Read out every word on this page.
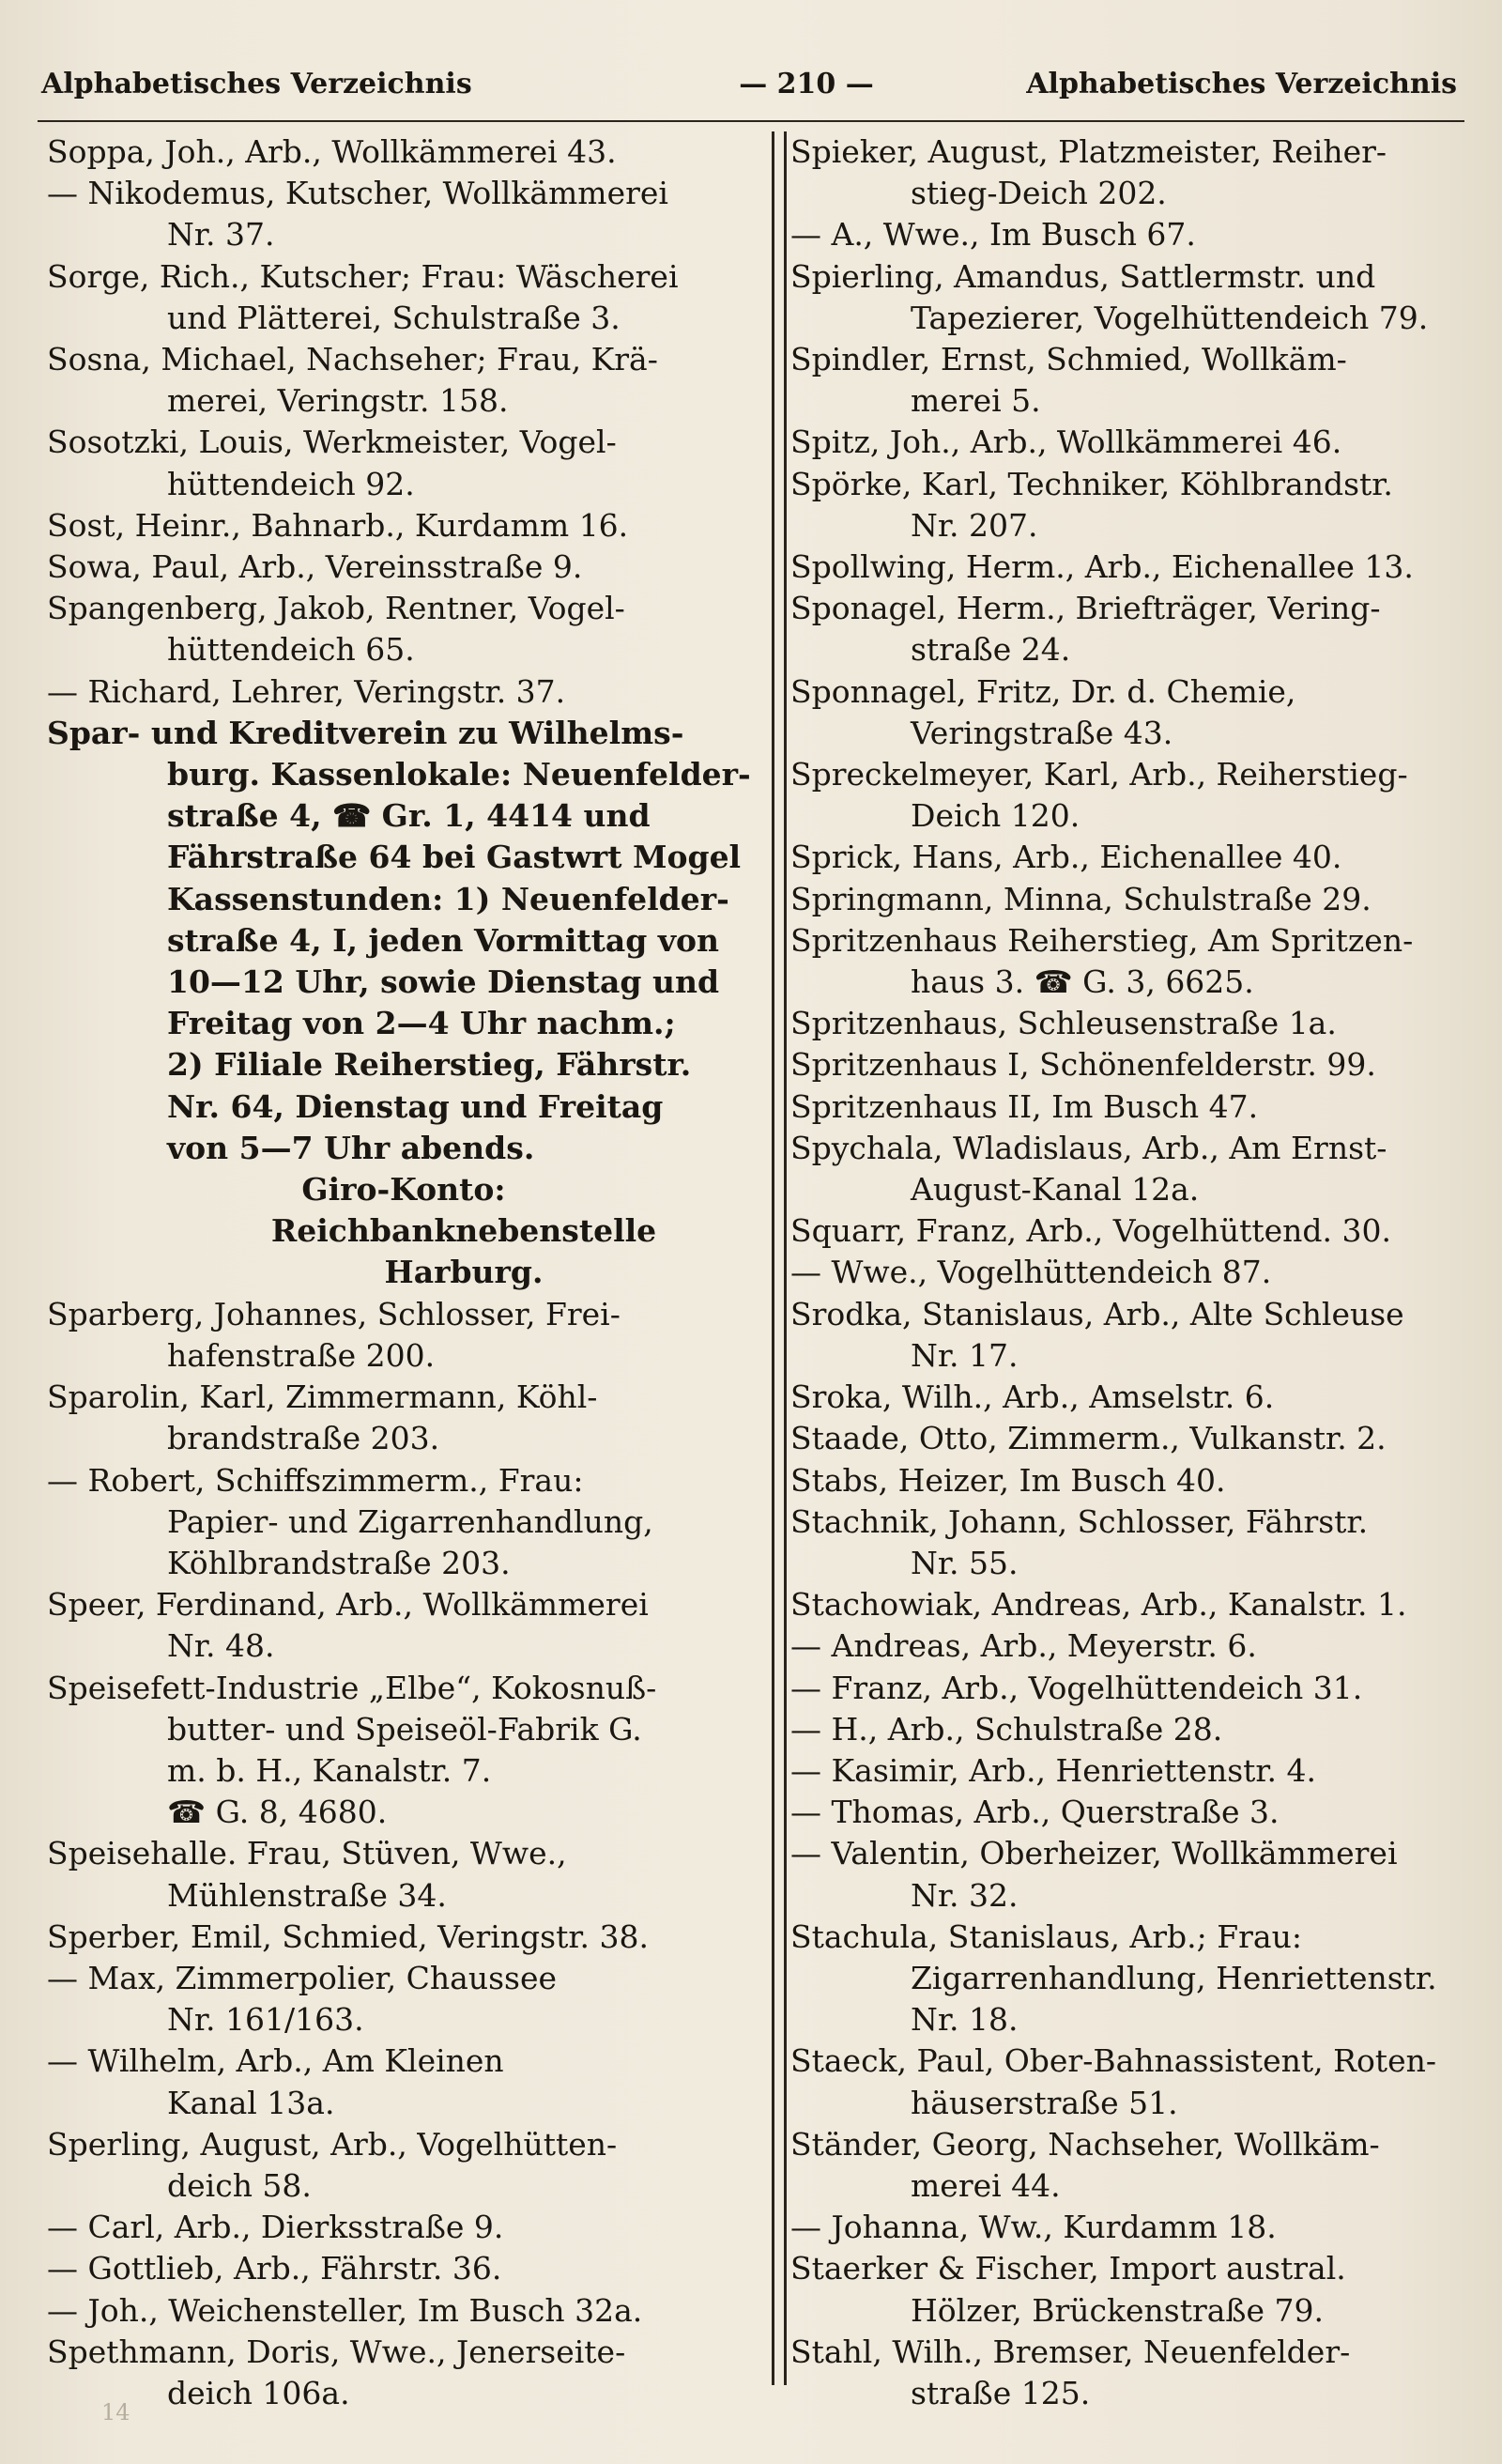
Alphabetisches Verzeichnis	— 210 —	Alphabetisches Verzeichnis
Soppa, Joh., Arb., Wollkämmerei 43.
— Nikodemus, Kutscher, Wollkämmerei
Nr. 37.
Sorge, Rich., Kutscher; Frau: Wäscherei
und Plätterei, Schulstraße 3.
Sosna, Michael, Nachseher; Frau, Krä-
merei, Veringstr. 158.
Sosotzki, Louis, Werkmeister, Vogel-
hüttendeich 92.
Sost, Heinr., Bahnarb., Kurdamm 16.
Sowa, Paul, Arb., Vereinsstraße 9.
Spangenberg, Jakob, Rentner, Vogel-
hüttendeich 65.
— Richard, Lehrer, Veringstr. 37.
Spar- und Kreditverein zu Wilhelms-
burg. Kassenlokale: Neuenfelder-
straße 4, ☎ Gr. 1, 4414 und
Fährstraße 64 bei Gastwrt Mogel
Kassenstunden: 1) Neuenfelder-
straße 4, I, jeden Vormittag von
10—12 Uhr, sowie Dienstag und
Freitag von 2—4 Uhr nachm.;
2) Filiale Reiherstieg, Fährstr.
Nr. 64, Dienstag und Freitag
von 5—7 Uhr abends.
Giro-Konto:
Reichbanknebenstelle
Harburg.
Sparberg, Johannes, Schlosser, Frei-
hafenstraße 200.
Sparolin, Karl, Zimmermann, Köhl-
brandstraße 203.
— Robert, Schiffszimmerm., Frau:
Papier- und Zigarrenhandlung,
Köhlbrandstraße 203.
Speer, Ferdinand, Arb., Wollkämmerei
Nr. 48.
Speisefett-Industrie „Elbe“, Kokosnuß-
butter- und Speiseöl-Fabrik G.
m. b. H., Kanalstr. 7.
☎ G. 8, 4680.
Speisehalle. Frau, Stüven, Wwe.,
Mühlenstraße 34.
Sperber, Emil, Schmied, Veringstr. 38.
— Max, Zimmerpolier, Chaussee
Nr. 161/163.
— Wilhelm, Arb., Am Kleinen
Kanal 13a.
Sperling, August, Arb., Vogelhütten-
deich 58.
— Carl, Arb., Dierksstraße 9.
— Gottlieb, Arb., Fährstr. 36.
— Joh., Weichensteller, Im Busch 32a.
Spethmann, Doris, Wwe., Jenerseite-
deich 106a.
Spieker, August, Platzmeister, Reiher-
stieg-Deich 202.
— A., Wwe., Im Busch 67.
Spierling, Amandus, Sattlermstr. und
Tapezierer, Vogelhüttendeich 79.
Spindler, Ernst, Schmied, Wollkäm-
merei 5.
Spitz, Joh., Arb., Wollkämmerei 46.
Spörke, Karl, Techniker, Köhlbrandstr.
Nr. 207.
Spollwing, Herm., Arb., Eichenallee 13.
Sponagel, Herm., Briefträger, Vering-
straße 24.
Sponnagel, Fritz, Dr. d. Chemie,
Veringstraße 43.
Spreckelmeyer, Karl, Arb., Reiherstieg-
Deich 120.
Sprick, Hans, Arb., Eichenallee 40.
Springmann, Minna, Schulstraße 29.
Spritzenhaus Reiherstieg, Am Spritzen-
haus 3. ☎ G. 3, 6625.
Spritzenhaus, Schleusenstraße 1a.
Spritzenhaus I, Schönenfelderstr. 99.
Spritzenhaus II, Im Busch 47.
Spychala, Wladislaus, Arb., Am Ernst-
August-Kanal 12a.
Squarr, Franz, Arb., Vogelhüttend. 30.
— Wwe., Vogelhüttendeich 87.
Srodka, Stanislaus, Arb., Alte Schleuse
Nr. 17.
Sroka, Wilh., Arb., Amselstr. 6.
Staade, Otto, Zimmerm., Vulkanstr. 2.
Stabs, Heizer, Im Busch 40.
Stachnik, Johann, Schlosser, Fährstr.
Nr. 55.
Stachowiak, Andreas, Arb., Kanalstr. 1.
— Andreas, Arb., Meyerstr. 6.
— Franz, Arb., Vogelhüttendeich 31.
— H., Arb., Schulstraße 28.
— Kasimir, Arb., Henriettenstr. 4.
— Thomas, Arb., Querstraße 3.
— Valentin, Oberheizer, Wollkämmerei
Nr. 32.
Stachula, Stanislaus, Arb.; Frau:
Zigarrenhandlung, Henriettenstr.
Nr. 18.
Staeck, Paul, Ober-Bahnassistent, Roten-
häuserstraße 51.
Ständer, Georg, Nachseher, Wollkäm-
merei 44.
— Johanna, Ww., Kurdamm 18.
Staerker & Fischer, Import austral.
Hölzer, Brückenstraße 79.
Stahl, Wilh., Bremser, Neuenfelder-
straße 125.
14
